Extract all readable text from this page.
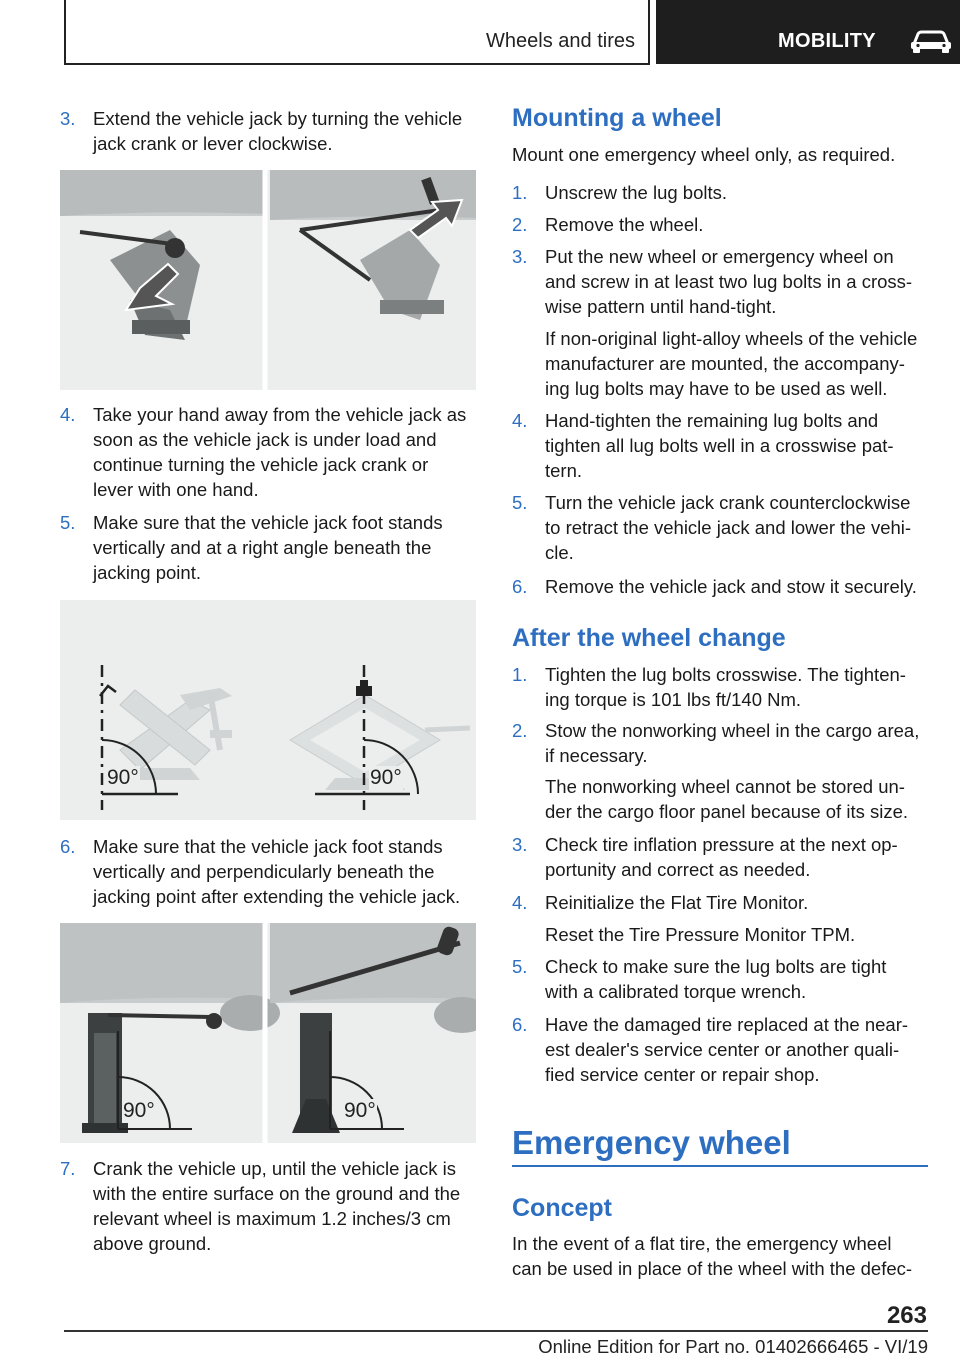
Wheels and tires	MOBILITY
3. Extend the vehicle jack by turning the vehicle
jack crank or lever clockwise.
4. Take your hand away from the vehicle jack as
soon as the vehicle jack is under load and
continue turning the vehicle jack crank or
lever with one hand.
5. Make sure that the vehicle jack foot stands
vertically and at a right angle beneath the
jacking point.
90°	90°
6. Make sure that the vehicle jack foot stands
vertically and perpendicularly beneath the
jacking point after extending the vehicle jack.
90°	90°
7. Crank the vehicle up, until the vehicle jack is
with the entire surface on the ground and the
relevant wheel is maximum 1.2 inches/3 cm
above ground.
Mounting a wheel
Mount one emergency wheel only, as required.
1. Unscrew the lug bolts.
2. Remove the wheel.
3. Put the new wheel or emergency wheel on
and screw in at least two lug bolts in a cross-
wise pattern until hand-tight.
If non-original light-alloy wheels of the vehicle
manufacturer are mounted, the accompany-
ing lug bolts may have to be used as well.
4. Hand-tighten the remaining lug bolts and
tighten all lug bolts well in a crosswise pat-
tern.
5. Turn the vehicle jack crank counterclockwise
to retract the vehicle jack and lower the vehi-
cle.
6. Remove the vehicle jack and stow it securely.
After the wheel change
1. Tighten the lug bolts crosswise. The tighten-
ing torque is 101 lbs ft/140 Nm.
2. Stow the nonworking wheel in the cargo area,
if necessary.
The nonworking wheel cannot be stored un-
der the cargo floor panel because of its size.
3. Check tire inflation pressure at the next op-
portunity and correct as needed.
4. Reinitialize the Flat Tire Monitor.
Reset the Tire Pressure Monitor TPM.
5. Check to make sure the lug bolts are tight
with a calibrated torque wrench.
6. Have the damaged tire replaced at the near-
est dealer's service center or another quali-
fied service center or repair shop.
Emergency wheel
Concept
In the event of a flat tire, the emergency wheel
can be used in place of the wheel with the defec-
263
Online Edition for Part no. 01402666465 - VI/19
